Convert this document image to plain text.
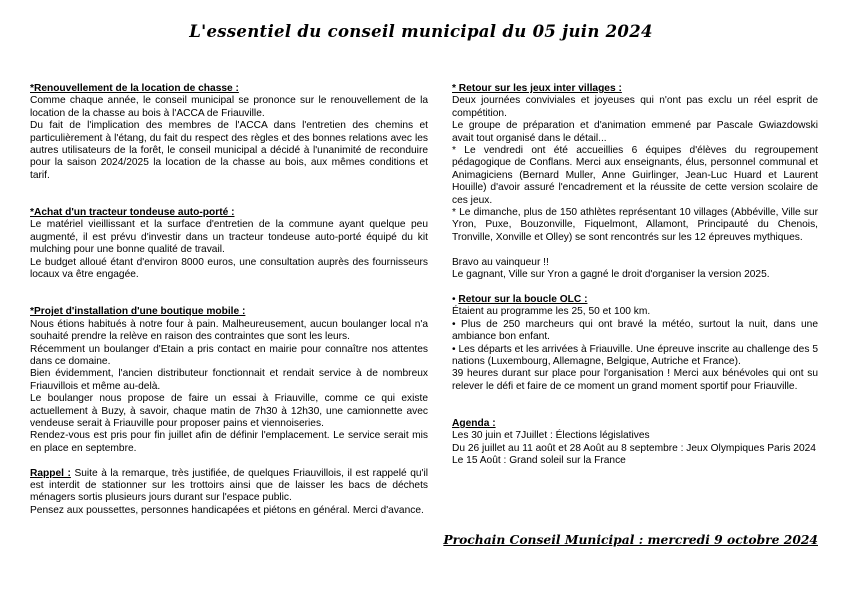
L'essentiel du conseil municipal du 05 juin 2024
*Renouvellement de la location de chasse :

Comme chaque année, le conseil municipal se prononce sur le renouvellement de la location de la chasse au bois à l'ACCA de Friauville.

Du fait de l'implication des membres de l'ACCA dans l'entretien des chemins et particulièrement à l'étang, du fait du respect des règles et des bonnes relations avec les autres utilisateurs de la forêt, le conseil municipal a décidé à l'unanimité de reconduire pour la saison 2024/2025 la location de la chasse au bois, aux mêmes conditions et tarif.

*Achat d'un tracteur tondeuse auto-porté :

Le matériel vieillissant et la surface d'entretien de la commune ayant quelque peu augmenté, il est prévu d'investir dans un tracteur tondeuse auto-porté équipé du kit mulching pour une bonne qualité de travail.

Le budget alloué étant d'environ 8000 euros, une consultation auprès des fournisseurs locaux va être engagée.

*Projet d'installation d'une boutique mobile :

Nous étions habitués à notre four à pain. Malheureusement, aucun boulanger local n'a souhaité prendre la relève en raison des contraintes que sont les leurs.

Récemment un boulanger d'Etain a pris contact en mairie pour connaître nos attentes dans ce domaine.

Bien évidemment, l'ancien distributeur fonctionnait et rendait service à de nombreux Friauvillois et même au-delà.

Le boulanger nous propose de faire un essai à Friauville, comme ce qui existe actuellement à Buzy, à savoir, chaque matin de 7h30 à 12h30, une camionnette avec vendeuse serait à Friauville pour proposer pains et viennoiseries.

Rendez-vous est pris pour fin juillet afin de définir l'emplacement. Le service serait mis en place en septembre.

Rappel : Suite à la remarque, très justifiée, de quelques Friauvillois, il est rappelé qu'il est interdit de stationner sur les trottoirs ainsi que de laisser les bacs de déchets ménagers sortis plusieurs jours durant sur l'espace public.

Pensez aux poussettes, personnes handicapées et piétons en général. Merci d'avance.

* Retour sur les jeux inter villages :

Deux journées conviviales et joyeuses qui n'ont pas exclu un réel esprit de compétition.

Le groupe de préparation et d'animation emmené par Pascale Gwiazdowski avait tout organisé dans le détail...

* Le vendredi ont été accueillies 6 équipes d'élèves du regroupement pédagogique de Conflans. Merci aux enseignants, élus, personnel communal et Animagiciens (Bernard Muller, Anne Guirlinger, Jean-Luc Huard et Laurent Houille) d'avoir assuré l'encadrement et la réussite de cette version scolaire de ces jeux.

* Le dimanche, plus de 150 athlètes représentant 10 villages (Abbéville, Ville sur Yron, Puxe, Bouzonville, Fiquelmont, Allamont, Principauté du Chenois, Tronville, Xonville et Olley) se sont rencontrés sur les 12 épreuves mythiques.

Bravo au vainqueur !!

Le gagnant, Ville sur Yron a gagné le droit d'organiser la version 2025.

• Retour sur la boucle OLC :

Étaient au programme les 25, 50 et 100 km.

• Plus de 250 marcheurs qui ont bravé la météo, surtout la nuit, dans une ambiance bon enfant.

• Les départs et les arrivées à Friauville. Une épreuve inscrite au challenge des 5 nations (Luxembourg, Allemagne, Belgique, Autriche et France).

39 heures durant sur place pour l'organisation ! Merci aux bénévoles qui ont su relever le défi et faire de ce moment un grand moment sportif pour Friauville.

Agenda :

Les 30 juin et 7Juillet : Élections législatives

Du 26 juillet au 11 août et 28 Août au 8 septembre : Jeux Olympiques Paris 2024

Le 15 Août : Grand soleil sur la France

Prochain Conseil Municipal : mercredi 9 octobre 2024
